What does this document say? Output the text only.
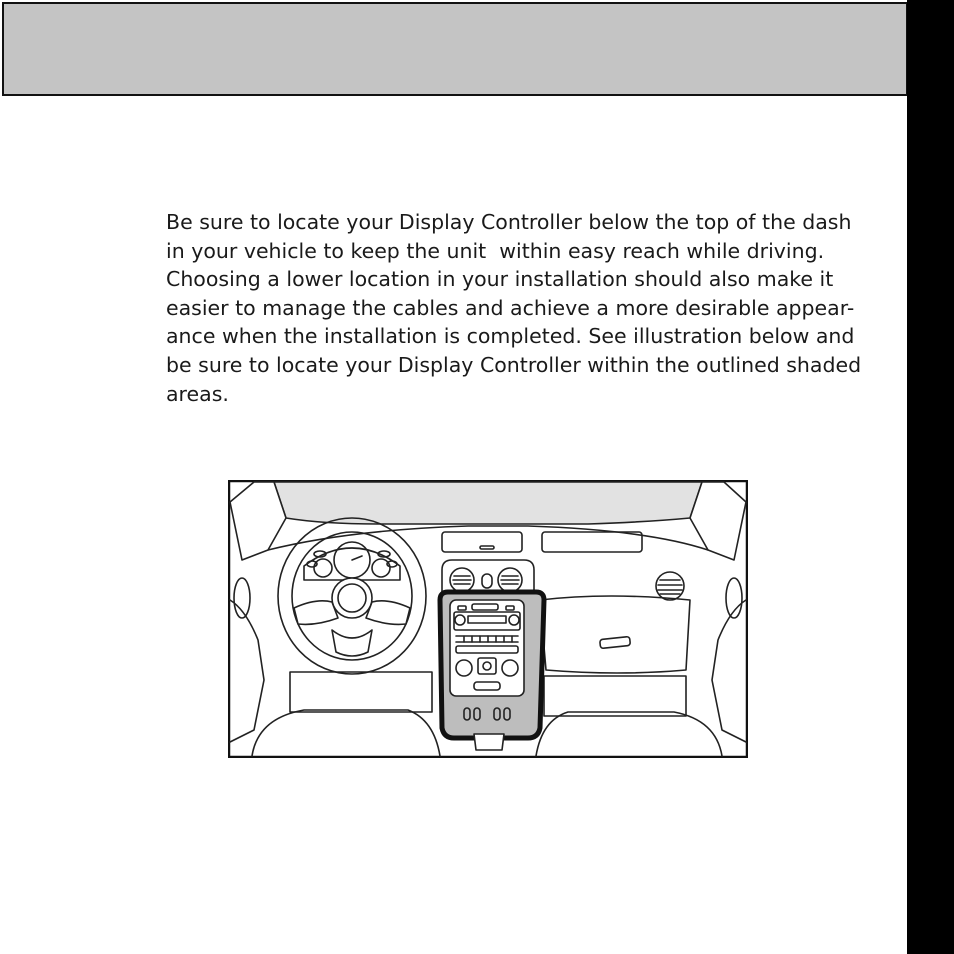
Be sure to locate your Display Controller below the top of the dash
in your vehicle to keep the unit  within easy reach while driving.
Choosing a lower location in your installation should also make it
easier to manage the cables and achieve a more desirable appear-
ance when the installation is completed. See illustration below and
be sure to locate your Display Controller within the outlined shaded
areas.
